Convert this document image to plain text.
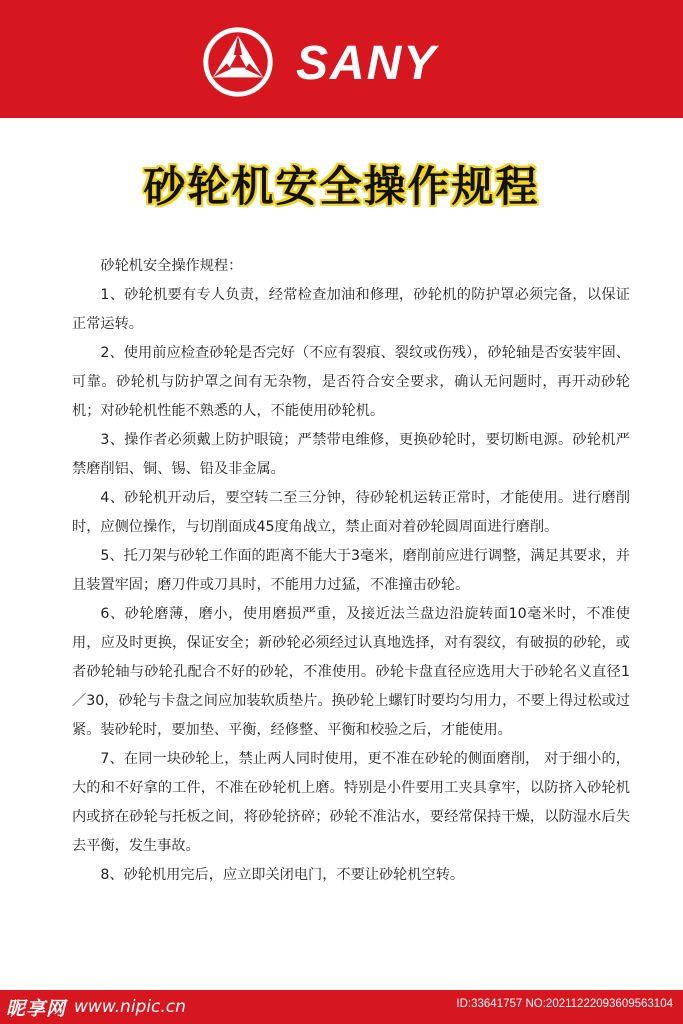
SANY
砂轮机安全操作规程

砂轮机安全操作规程：

1、砂轮机要有专人负责，经常检查加油和修理，砂轮机的防护罩必须完备，以保证正常运转。

2、使用前应检查砂轮是否完好（不应有裂痕、裂纹或伤残），砂轮轴是否安装牢固、可靠。砂轮机与防护罩之间有无杂物，是否符合安全要求，确认无问题时，再开动砂轮机；对砂轮机性能不熟悉的人，不能使用砂轮机。

3、操作者必须戴上防护眼镜；严禁带电维修，更换砂轮时，要切断电源。砂轮机严禁磨削铝、铜、锡、铅及非金属。

4、砂轮机开动后，要空转二至三分钟，待砂轮机运转正常时，才能使用。进行磨削时，应侧位操作，与切削面成45度角战立，禁止面对着砂轮圆周面进行磨削。

5、托刀架与砂轮工作面的距离不能大于3毫米，磨削前应进行调整，满足其要求，并且装置牢固；磨刀件或刀具时，不能用力过猛，不准撞击砂轮。

6、砂轮磨薄，磨小，使用磨损严重，及接近法兰盘边沿旋转面10毫米时，不准使用，应及时更换，保证安全；新砂轮必须经过认真地选择，对有裂纹，有破损的砂轮，或者砂轮轴与砂轮孔配合不好的砂轮，不准使用。砂轮卡盘直径应选用大于砂轮名义直径1／30，砂轮与卡盘之间应加装软质垫片。换砂轮上螺钉时要均匀用力，不要上得过松或过紧。装砂轮时，要加垫、平衡，经修整、平衡和校验之后，才能使用。

7、在同一块砂轮上，禁止两人同时使用，更不准在砂轮的侧面磨削， 对于细小的，大的和不好拿的工件，不准在砂轮机上磨。特别是小件要用工夹具拿牢，以防挤入砂轮机内或挤在砂轮与托板之间，将砂轮挤碎；砂轮不准沾水，要经常保持干燥，以防湿水后失去平衡，发生事故。

8、砂轮机用完后，应立即关闭电门，不要让砂轮机空转。

昵享网 www.nipic.cn	ID:33641757 NO:20211222093609563104
